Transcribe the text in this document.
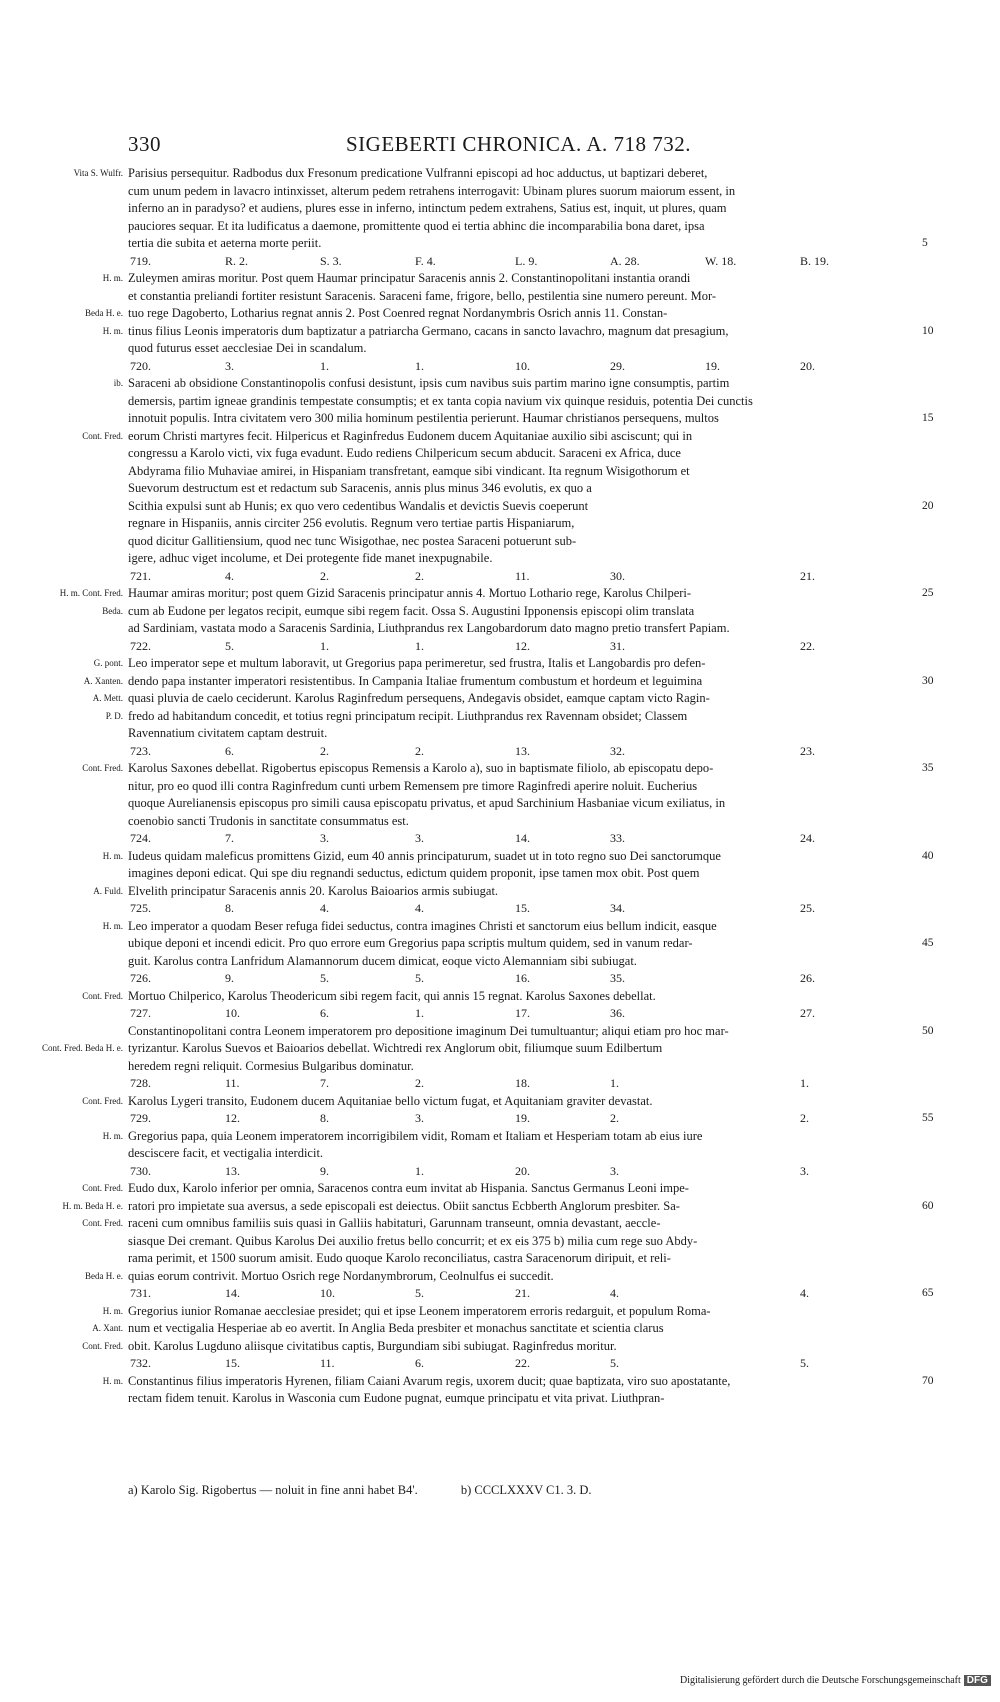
330	SIGEBERTI CHRONICA. A. 718 732.
Vita S. Wulfr. Parisius persequitur. Radbodus dux Fresonum predicatione Vulfranni episcopi ad hoc adductus, ut baptizari deberet,
cum unum pedem in lavacro intinxisset, alterum pedem retrahens interrogavit: Ubinam plures suorum maiorum essent, in
inferno an in paradyso? et audiens, plures esse in inferno, intinctum pedem extrahens, Satius est, inquit, ut plures, quam
pauciores sequar. Et ita ludificatus a daemone, promittente quod ei tertia abhinc die incomparabilia bona daret, ipsa
tertia die subita et aeterna morte periit.	5
719.	R. 2.	S. 3.	F. 4.	L. 9.	A. 28.	W. 18.	B. 19.
H. m. Zuleymen amiras moritur. Post quem Haumar principatur Saracenis annis 2. Constantinopolitani instantia orandi
et constantia preliandi fortiter resistunt Saracenis. Saraceni fame, frigore, bello, pestilentia sine numero pereunt. Mor-
Beda H. e. tuo rege Dagoberto, Lotharius regnat annis 2. Post Coenred regnat Nordanymbris Osrich annis 11. Constan-
H. m. tinus filius Leonis imperatoris dum baptizatur a patriarcha Germano, cacans in sancto lavachro, magnum dat presagium,	10
quod futurus esset aecclesiae Dei in scandalum.
720.	3.	1.	1.	10.	29.	19.	20.
ib. Saraceni ab obsidione Constantinopolis confusi desistunt, ipsis cum navibus suis partim marino igne consumptis, partim
demersis, partim igneae grandinis tempestate consumptis; et ex tanta copia navium vix quinque residuis, potentia Dei cunctis
innotuit populis. Intra civitatem vero 300 milia hominum pestilentia perierunt. Haumar christianos persequens, multos	15
Cont. Fred. eorum Christi martyres fecit. Hilpericus et Raginfredus Eudonem ducem Aquitaniae auxilio sibi asciscunt; qui in
congressu a Karolo victi, vix fuga evadunt. Eudo rediens Chilpericum secum abducit. Saraceni ex Africa, duce
Abdyrama filio Muhaviae amirei, in Hispaniam transfretant, eamque sibi vindicant. Ita regnum Wisigothorum et
Suevorum destructum est et redactum sub Saracenis, annis plus minus 346 evolutis, ex quo a
Scithia expulsi sunt ab Hunis; ex quo vero cedentibus Wandalis et devictis Suevis coeperunt	20
regnare in Hispaniis, annis circiter 256 evolutis. Regnum vero tertiae partis Hispaniarum,
quod dicitur Gallitiensium, quod nec tunc Wisigothae, nec postea Saraceni potuerunt sub-
igere, adhuc viget incolume, et Dei protegente fide manet inexpugnabile.
721.	4.	2.	2.	11.	30.	21.
H. m. Cont. Fred. Haumar amiras moritur; post quem Gizid Saracenis principatur annis 4. Mortuo Lothario rege, Karolus Chilperi-	25
Beda. cum ab Eudone per legatos recipit, eumque sibi regem facit. Ossa S. Augustini Ipponensis episcopi olim translata
ad Sardiniam, vastata modo a Saracenis Sardinia, Liuthprandus rex Langobardorum dato magno pretio transfert Papiam.
722.	5.	1.	1.	12.	31.	22.
G. pont. Leo imperator sepe et multum laboravit, ut Gregorius papa perimeretur, sed frustra, Italis et Langobardis pro defen-
A. Xanten. dendo papa instanter imperatori resistentibus. In Campania Italiae frumentum combustum et hordeum et leguimina	30
A. Mett. quasi pluvia de caelo ceciderunt. Karolus Raginfredum persequens, Andegavis obsidet, eamque captam victo Ragin-
P. D. fredo ad habitandum concedit, et totius regni principatum recipit. Liuthprandus rex Ravennam obsidet; Classem
Ravennatium civitatem captam destruit.
723.	6.	2.	2.	13.	32.	23.
Cont. Fred. Karolus Saxones debellat. Rigobertus episcopus Remensis a Karolo a), suo in baptismate filiolo, ab episcopatu depo-	35
nitur, pro eo quod illi contra Raginfredum cunti urbem Remensem pre timore Raginfredi aperire noluit. Eucherius
quoque Aurelianensis episcopus pro simili causa episcopatu privatus, et apud Sarchinium Hasbaniae vicum exiliatus, in
coenobio sancti Trudonis in sanctitate consummatus est.
724.	7.	3.	3.	14.	33.	24.
H. m. Iudeus quidam maleficus promittens Gizid, eum 40 annis principaturum, suadet ut in toto regno suo Dei sanctorumque	40
imagines deponi edicat. Qui spe diu regnandi seductus, edictum quidem proponit, ipse tamen mox obit. Post quem
A. Fuld. Elvelith principatur Saracenis annis 20. Karolus Baioarios armis subiugat.
725.	8.	4.	4.	15.	34.	25.
H. m. Leo imperator a quodam Beser refuga fidei seductus, contra imagines Christi et sanctorum eius bellum indicit, easque
ubique deponi et incendi edicit. Pro quo errore eum Gregorius papa scriptis multum quidem, sed in vanum redar-	45
guit. Karolus contra Lanfridum Alamannorum ducem dimicat, eoque victo Alemanniam sibi subiugat.
726.	9.	5.	5.	16.	35.	26.
Cont. Fred. Mortuo Chilperico, Karolus Theodericum sibi regem facit, qui annis 15 regnat. Karolus Saxones debellat.
727.	10.	6.	1.	17.	36.	27.
Constantinopolitani contra Leonem imperatorem pro depositione imaginum Dei tumultuantur; aliqui etiam pro hoc mar-	50
Cont. Fred. Beda H. e. tyrizantur. Karolus Suevos et Baioarios debellat. Wichtredi rex Anglorum obit, filiumque suum Edilbertum
heredem regni reliquit. Cormesius Bulgaribus dominatur.
728.	11.	7.	2.	18.	1.	1.
Cont. Fred. Karolus Lygeri transito, Eudonem ducem Aquitaniae bello victum fugat, et Aquitaniam graviter devastat.
729.	12.	8.	3.	19.	2.	2.	55
H. m. Gregorius papa, quia Leonem imperatorem incorrigibilem vidit, Romam et Italiam et Hesperiam totam ab eius iure
desciscere facit, et vectigalia interdicit.
730.	13.	9.	1.	20.	3.	3.
Cont. Fred. Eudo dux, Karolo inferior per omnia, Saracenos contra eum invitat ab Hispania. Sanctus Germanus Leoni impe-
H. m. Beda H. e. ratori pro impietate sua aversus, a sede episcopali est deiectus. Obiit sanctus Ecbberth Anglorum presbiter. Sa-	60
Cont. Fred. raceni cum omnibus familiis suis quasi in Galliis habitaturi, Garunnam transeunt, omnia devastant, aeccle-
siasque Dei cremant. Quibus Karolus Dei auxilio fretus bello concurrit; et ex eis 375 b) milia cum rege suo Abdy-
rama perimit, et 1500 suorum amisit. Eudo quoque Karolo reconciliatus, castra Saracenorum diripuit, et reli-
Beda H. e. quias eorum contrivit. Mortuo Osrich rege Nordanymbrorum, Ceolnulfus ei succedit.
731.	14.	10.	5.	21.	4.	4.	65
H. m. Gregorius iunior Romanae aecclesiae presidet; qui et ipse Leonem imperatorem erroris redarguit, et populum Roma-
A. Xant. num et vectigalia Hesperiae ab eo avertit. In Anglia Beda presbiter et monachus sanctitate et scientia clarus
Cont. Fred. obit. Karolus Lugduno aliisque civitatibus captis, Burgundiam sibi subiugat. Raginfredus moritur.
732.	15.	11.	6.	22.	5.	5.
H. m. Constantinus filius imperatoris Hyrenen, filiam Caiani Avarum regis, uxorem ducit; quae baptizata, viro suo apostatante,	70
rectam fidem tenuit. Karolus in Wasconia cum Eudone pugnat, eumque principatu et vita privat. Liuthpran-
a) Karolo Sig. Rigobertus — noluit in fine anni habet B4'.	b) CCCLXXXV C1. 3. D.
Digitalisierung gefördert durch die Deutsche Forschungsgemeinschaft DFG
